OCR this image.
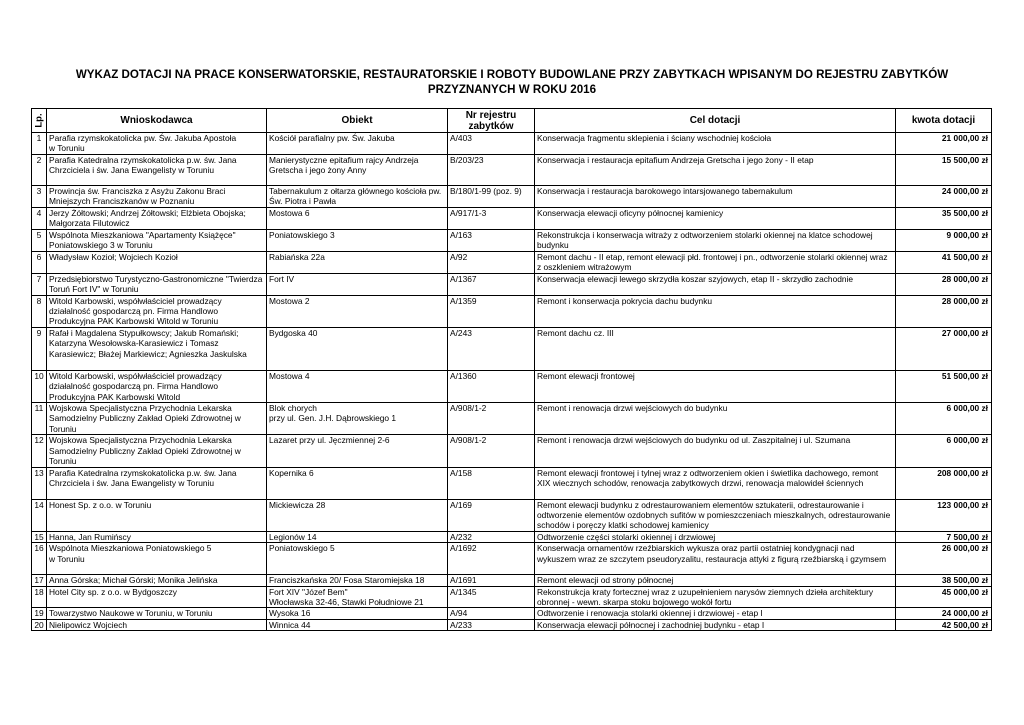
WYKAZ DOTACJI NA PRACE KONSERWATORSKIE, RESTAURATORSKIE I ROBOTY BUDOWLANE PRZY ZABYTKACH WPISANYM DO REJESTRU ZABYTKÓW
PRZYZNANYCH W ROKU 2016
Lp.	Wnioskodawca	Obiekt	Nr rejestru zabytków	Cel dotacji	kwota dotacji
1	Parafia rzymskokatolicka pw. Św. Jakuba Apostoła
w Toruniu	Kościół parafialny pw. Św. Jakuba	A/403	Konserwacja fragmentu sklepienia i ściany wschodniej kościoła	21 000,00 zł
2	Parafia Katedralna rzymskokatolicka p.w. św. Jana Chrzciciela i św. Jana Ewangelisty w Toruniu	Manierystyczne epitafium rajcy Andrzeja Gretscha i jego żony Anny	B/203/23	Konserwacja i restauracja epitafium Andrzeja Gretscha i jego żony - II etap	15 500,00 zł
3	Prowincja św. Franciszka z Asyżu Zakonu Braci Mniejszych Franciszkanów w Poznaniu	Tabernakulum z ołtarza głównego kościoła pw. Św. Piotra i Pawła	B/180/1-99 (poz. 9)	Konserwacja i restauracja barokowego intarsjowanego tabernakulum	24 000,00 zł
4	Jerzy Żółtowski; Andrzej Żółtowski; Elżbieta Obojska; Małgorzata Filutowicz	Mostowa 6	A/917/1-3	Konserwacja elewacji oficyny północnej kamienicy	35 500,00 zł
5	Wspólnota Mieszkaniowa "Apartamenty Książęce" Poniatowskiego 3 w Toruniu	Poniatowskiego 3	A/163	Rekonstrukcja i konserwacja witraży z odtworzeniem stolarki okiennej na klatce schodowej budynku	9 000,00 zł
6	Władysław Kozioł; Wojciech Kozioł	Rabiańska 22a	A/92	Remont dachu - II etap, remont elewacji płd. frontowej i pn., odtworzenie stolarki okiennej wraz z oszkleniem witrażowym	41 500,00 zł
7	Przedsiębiorstwo Turystyczno-Gastronomiczne "Twierdza Toruń Fort IV" w Toruniu	Fort IV	A/1367	Konserwacja elewacji lewego skrzydła koszar szyjowych, etap II - skrzydło zachodnie	28 000,00 zł
8	Witold Karbowski, współwłaściciel prowadzący działalność gospodarczą pn. Firma Handlowo Produkcyjna PAK Karbowski Witold w Toruniu	Mostowa 2	A/1359	Remont i konserwacja pokrycia dachu budynku	28 000,00 zł
9	Rafał i Magdalena Stypułkowscy; Jakub Romański; Katarzyna Wesołowska-Karasiewicz i Tomasz Karasiewicz; Błażej Markiewicz; Agnieszka Jaskulska	Bydgoska 40	A/243	Remont dachu cz. III	27 000,00 zł
10	Witold Karbowski, współwłaściciel prowadzący działalność gospodarczą pn. Firma Handlowo Produkcyjna PAK Karbowski Witold	Mostowa 4	A/1360	Remont elewacji frontowej	51 500,00 zł
11	Wojskowa Specjalistyczna Przychodnia Lekarska Samodzielny Publiczny Zakład Opieki Zdrowotnej w Toruniu	Blok chorych
przy ul. Gen. J.H. Dąbrowskiego 1	A/908/1-2	Remont i renowacja drzwi wejściowych do budynku	6 000,00 zł
12	Wojskowa Specjalistyczna Przychodnia Lekarska Samodzielny Publiczny Zakład Opieki Zdrowotnej w Toruniu	Lazaret przy ul. Jęczmiennej 2-6	A/908/1-2	Remont i renowacja drzwi wejściowych do budynku od ul. Zaszpitalnej i ul. Szumana	6 000,00 zł
13	Parafia Katedralna rzymskokatolicka p.w. św. Jana Chrzciciela i św. Jana Ewangelisty w Toruniu	Kopernika 6	A/158	Remont elewacji frontowej i tylnej wraz z odtworzeniem okien i świetlika dachowego, remont XIX wiecznych schodów, renowacja zabytkowych drzwi, renowacja malowideł ściennych	208 000,00 zł
14	Honest Sp. z o.o. w Toruniu	Mickiewicza 28	A/169	Remont elewacji budynku z odrestaurowaniem elementów sztukaterii, odrestaurowanie i odtworzenie elementów ozdobnych sufitów w pomieszczeniach mieszkalnych, odrestaurowanie schodów i poręczy klatki schodowej kamienicy	123 000,00 zł
15	Hanna, Jan Rumińscy	Legionów 14	A/232	Odtworzenie części stolarki okiennej i drzwiowej	7 500,00 zł
16	Wspólnota Mieszkaniowa Poniatowskiego 5
w Toruniu	Poniatowskiego 5	A/1692	Konserwacja ornamentów rzeźbiarskich wykusza oraz partii ostatniej kondygnacji nad wykuszem wraz ze szczytem pseudoryzalitu, restauracja attyki z figurą rzeźbiarską i gzymsem	26 000,00 zł
17	Anna Górska; Michał Górski; Monika Jelińska	Franciszkańska 20/ Fosa Staromiejska 18	A/1691	Remont elewacji od strony północnej	38 500,00 zł
18	Hotel City sp. z o.o. w Bydgoszczy	Fort XIV "Józef Bem"
Włocławska 32-46, Stawki Południowe 21	A/1345	Rekonstrukcja kraty fortecznej wraz z uzupełnieniem narysów ziemnych dzieła architektury obronnej - wewn. skarpa stoku bojowego wokół fortu	45 000,00 zł
19	Towarzystwo Naukowe w Toruniu, w Toruniu	Wysoka 16	A/94	Odtworzenie i renowacja stolarki okiennej i drzwiowej - etap I	24 000,00 zł
20	Nielipowicz Wojciech	Winnica 44	A/233	Konserwacja elewacji północnej i zachodniej budynku - etap I	42 500,00 zł
